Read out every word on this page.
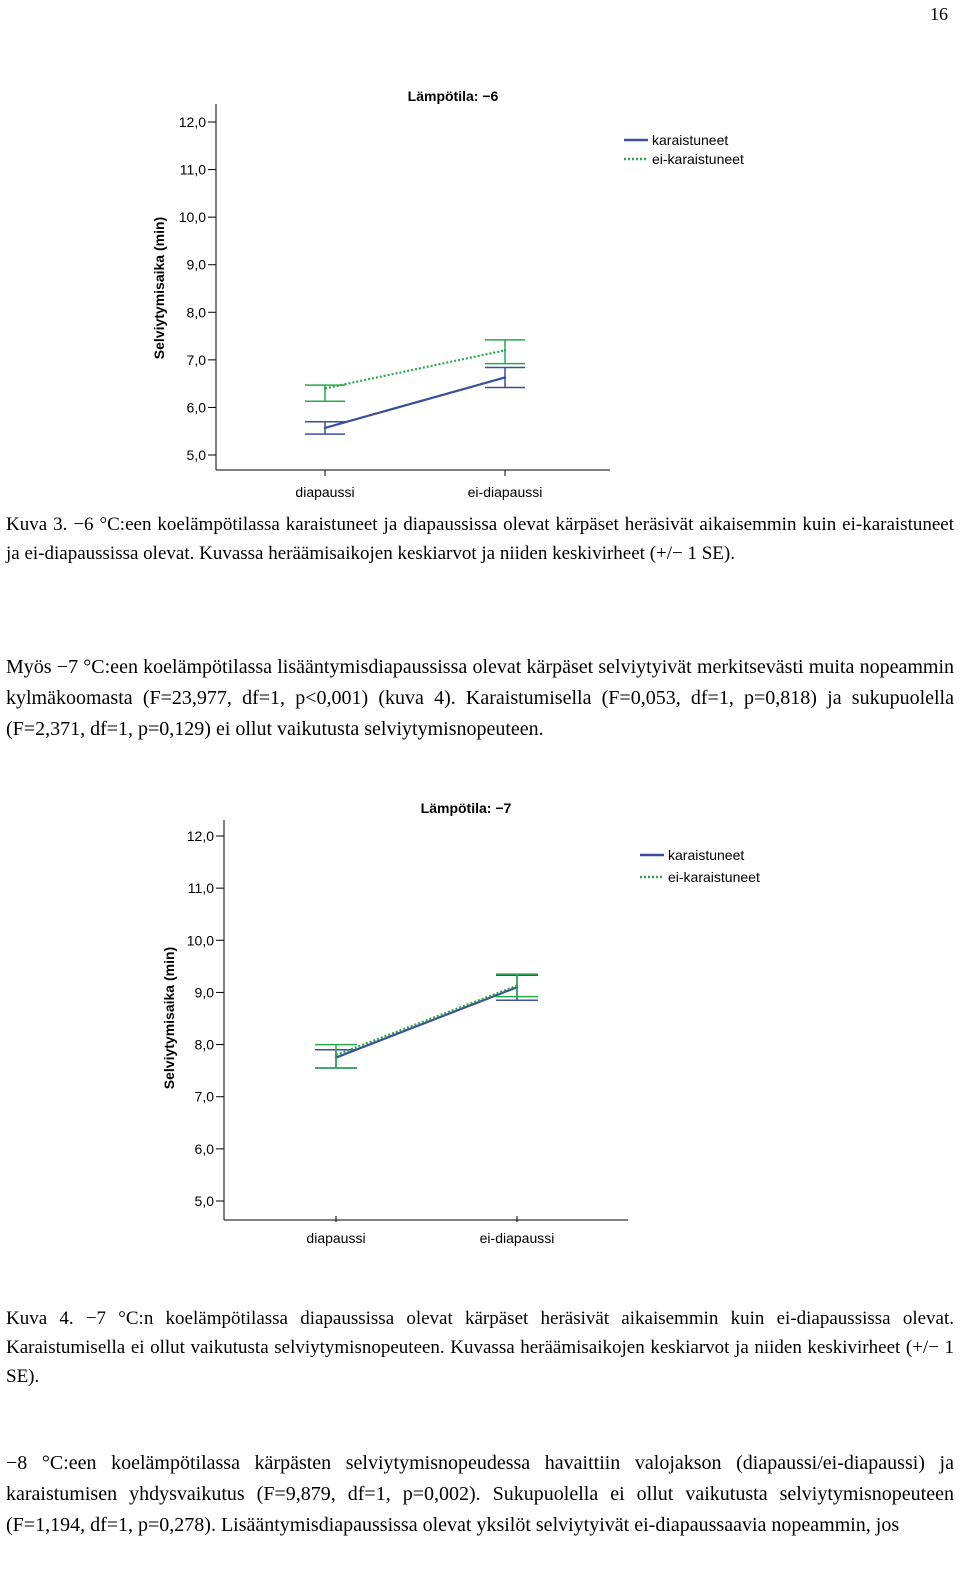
16
Lämpötila: −6
Selviytymisaika (min)
5,0
6,0
7,0
8,0
9,0
10,0
11,0
12,0
diapaussi	ei-diapaussi
karaistuneet
ei-karaistuneet

Kuva 3. −6 °C:een koelämpötilassa karaistuneet ja diapaussissa olevat kärpäset heräsivät aikaisemmin kuin ei-karaistuneet ja ei-diapaussissa olevat. Kuvassa heräämisaikojen keskiarvot ja niiden keskivirheet (+/− 1 SE).

Myös −7 °C:een koelämpötilassa lisääntymisdiapaussissa olevat kärpäset selviytyivät merkitsevästi muita nopeammin kylmäkoomasta (F=23,977, df=1, p<0,001) (kuva 4). Karaistumisella (F=0,053, df=1, p=0,818) ja sukupuolella (F=2,371, df=1, p=0,129) ei ollut vaikutusta selviytymisnopeuteen.

Lämpötila: −7
Selviytymisaika (min)
5,0
6,0
7,0
8,0
9,0
10,0
11,0
12,0
diapaussi	ei-diapaussi
karaistuneet
ei-karaistuneet

Kuva 4. −7 °C:n koelämpötilassa diapaussissa olevat kärpäset heräsivät aikaisemmin kuin ei-diapaussissa olevat. Karaistumisella ei ollut vaikutusta selviytymisnopeuteen. Kuvassa heräämisaikojen keskiarvot ja niiden keskivirheet (+/− 1 SE).

−8 °C:een koelämpötilassa kärpästen selviytymisnopeudessa havaittiin valojakson (diapaussi/ei-diapaussi) ja karaistumisen yhdysvaikutus (F=9,879, df=1, p=0,002). Sukupuolella ei ollut vaikutusta selviytymisnopeuteen (F=1,194, df=1, p=0,278). Lisääntymisdiapaussissa olevat yksilöt selviytyivät ei-diapaussaavia nopeammin, jos
